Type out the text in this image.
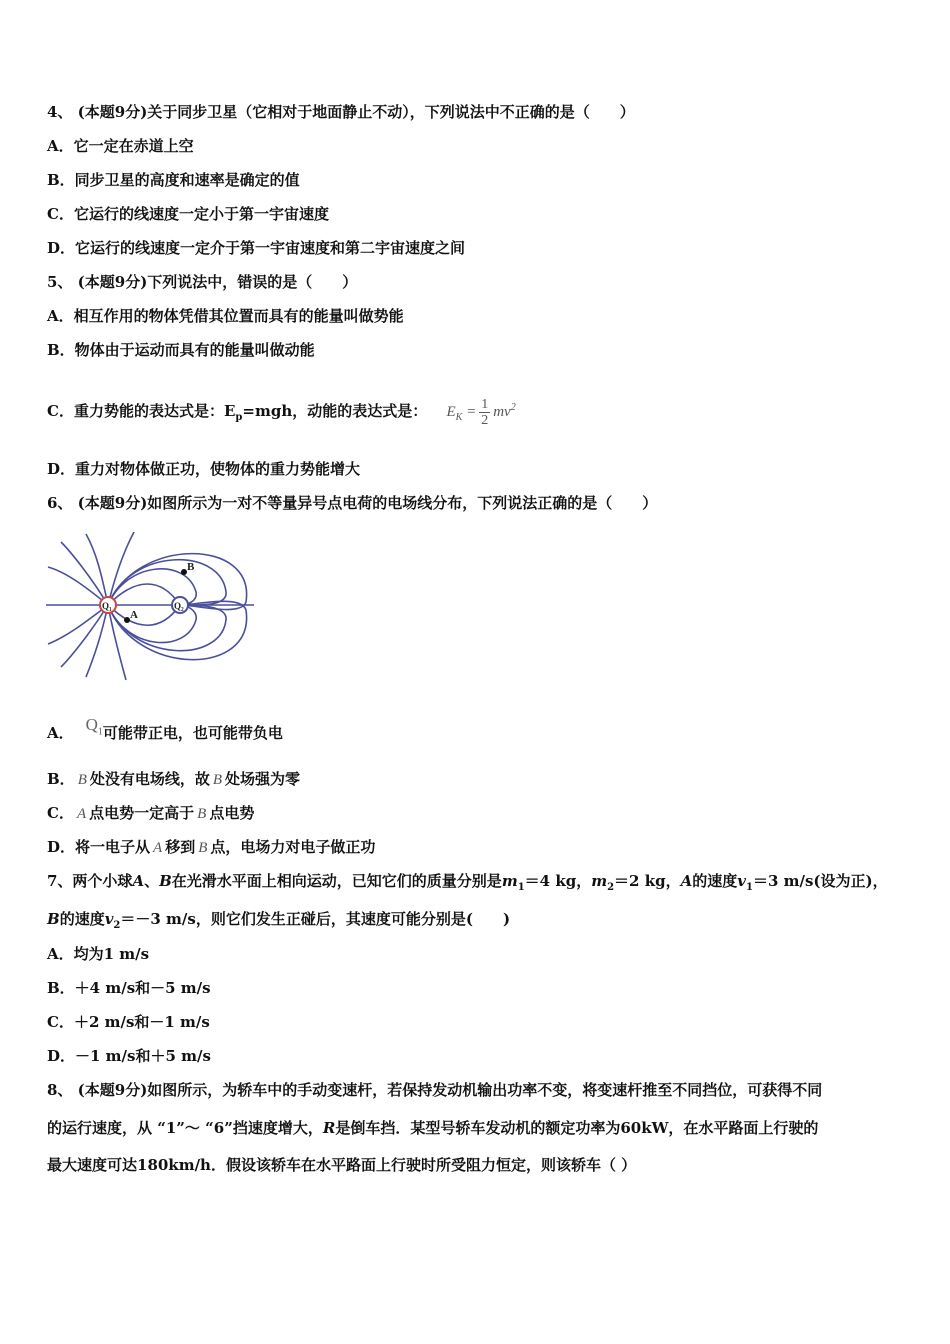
4、 (本题9分)关于同步卫星（它相对于地面静止不动），下列说法中不正确的是（　　）
A．它一定在赤道上空
B．同步卫星的高度和速率是确定的值
C．它运行的线速度一定小于第一宇宙速度
D．它运行的线速度一定介于第一宇宙速度和第二宇宙速度之间
5、 (本题9分)下列说法中，错误的是（　　）
A．相互作用的物体凭借其位置而具有的能量叫做势能
B．物体由于运动而具有的能量叫做动能
C．重力势能的表达式是：$E_p=mgh$，动能的表达式是： $E_K = \frac{1}{2} mv^2$
D．重力对物体做正功，使物体的重力势能增大
6、 (本题9分)如图所示为一对不等量异号点电荷的电场线分布，下列说法正确的是（　　）
Q₁	Q₂
A
B
A． $Q_1$可能带正电，也可能带负电
B． B 处没有电场线，故 B 处场强为零
C． A 点电势一定高于 B 点电势
D．将一电子从 A 移到 B 点，电场力对电子做正功
7、两个小球A、B在光滑水平面上相向运动，已知它们的质量分别是$m_1=4$ kg，$m_2=2$ kg，A的速度$v_1=3$ m/s(设为正)，
B的速度$v_2=-3$ m/s，则它们发生正碰后，其速度可能分别是(　　)
A．均为1 m/s
B．＋4 m/s和－5 m/s
C．＋2 m/s和－1 m/s
D．－1 m/s和＋5 m/s
8、 (本题9分)如图所示，为轿车中的手动变速杆，若保持发动机输出功率不变，将变速杆推至不同挡位，可获得不同
的运行速度，从 “1”～ “6”挡速度增大，R是倒车挡．某型号轿车发动机的额定功率为60kW，在水平路面上行驶的
最大速度可达180km/h．假设该轿车在水平路面上行驶时所受阻力恒定，则该轿车（ ）
